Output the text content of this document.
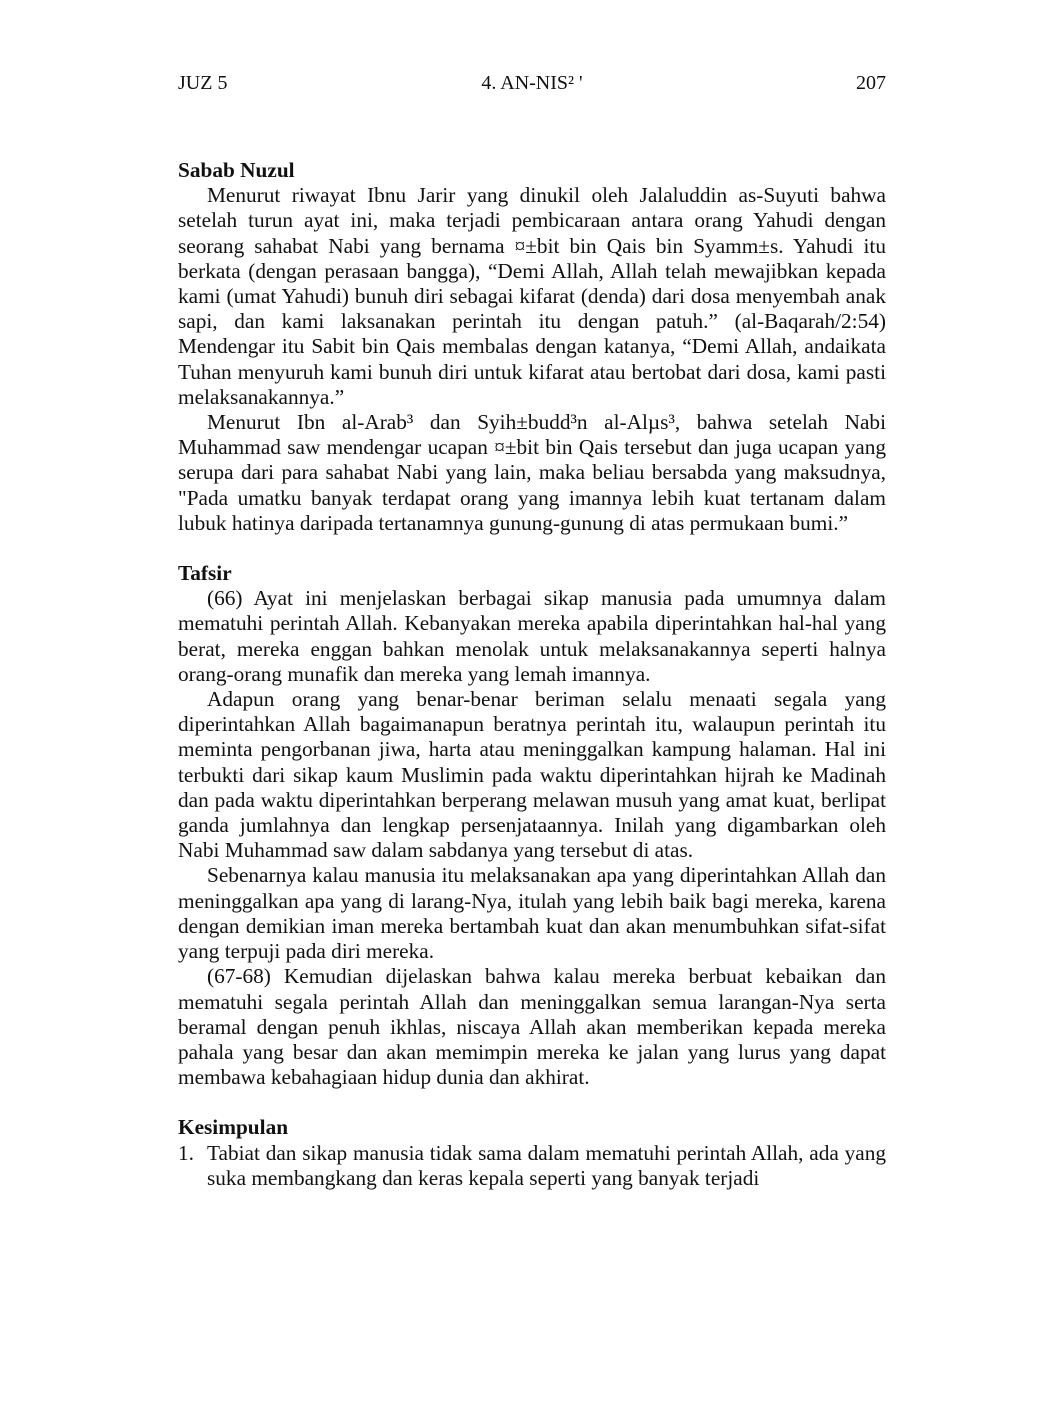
JUZ 5	4. AN-NIS² '	207
Sabab Nuzul

Menurut riwayat Ibnu Jarir yang dinukil oleh Jalaluddin as-Suyuti bahwa setelah turun ayat ini, maka terjadi pembicaraan antara orang Yahudi dengan seorang sahabat Nabi yang bernama ¤±bit bin Qais bin Syamm±s. Yahudi itu berkata (dengan perasaan bangga), “Demi Allah, Allah telah mewajibkan kepada kami (umat Yahudi) bunuh diri sebagai kifarat (denda) dari dosa menyembah anak sapi, dan kami laksanakan perintah itu dengan patuh.” (al-Baqarah/2:54) Mendengar itu Sabit bin Qais membalas dengan katanya, “Demi Allah, andaikata Tuhan menyuruh kami bunuh diri untuk kifarat atau bertobat dari dosa, kami pasti melaksanakannya.”

Menurut Ibn al-Arab³ dan Syih±budd³n al-Alµs³, bahwa setelah Nabi Muhammad saw mendengar ucapan ¤±bit bin Qais tersebut dan juga ucapan yang serupa dari para sahabat Nabi yang lain, maka beliau bersabda yang maksudnya, "Pada umatku banyak terdapat orang yang imannya lebih kuat tertanam dalam lubuk hatinya daripada tertanamnya gunung-gunung di atas permukaan bumi.”

Tafsir

(66) Ayat ini menjelaskan berbagai sikap manusia pada umumnya dalam mematuhi perintah Allah. Kebanyakan mereka apabila diperintahkan hal-hal yang berat, mereka enggan bahkan menolak untuk melaksanakannya seperti halnya orang-orang munafik dan mereka yang lemah imannya.

Adapun orang yang benar-benar beriman selalu menaati segala yang diperintahkan Allah bagaimanapun beratnya perintah itu, walaupun perintah itu meminta pengorbanan jiwa, harta atau meninggalkan kampung halaman. Hal ini terbukti dari sikap kaum Muslimin pada waktu diperintahkan hijrah ke Madinah dan pada waktu diperintahkan berperang melawan musuh yang amat kuat, berlipat ganda jumlahnya dan lengkap persenjataannya. Inilah yang digambarkan oleh Nabi Muhammad saw dalam sabdanya yang tersebut di atas.

Sebenarnya kalau manusia itu melaksanakan apa yang diperintahkan Allah dan meninggalkan apa yang di larang-Nya, itulah yang lebih baik bagi mereka, karena dengan demikian iman mereka bertambah kuat dan akan menumbuhkan sifat-sifat yang terpuji pada diri mereka.

(67-68) Kemudian dijelaskan bahwa kalau mereka berbuat kebaikan dan mematuhi segala perintah Allah dan meninggalkan semua larangan-Nya serta beramal dengan penuh ikhlas, niscaya Allah akan memberikan kepada mereka pahala yang besar dan akan memimpin mereka ke jalan yang lurus yang dapat membawa kebahagiaan hidup dunia dan akhirat.

Kesimpulan
1. Tabiat dan sikap manusia tidak sama dalam mematuhi perintah Allah, ada yang suka membangkang dan keras kepala seperti yang banyak terjadi
